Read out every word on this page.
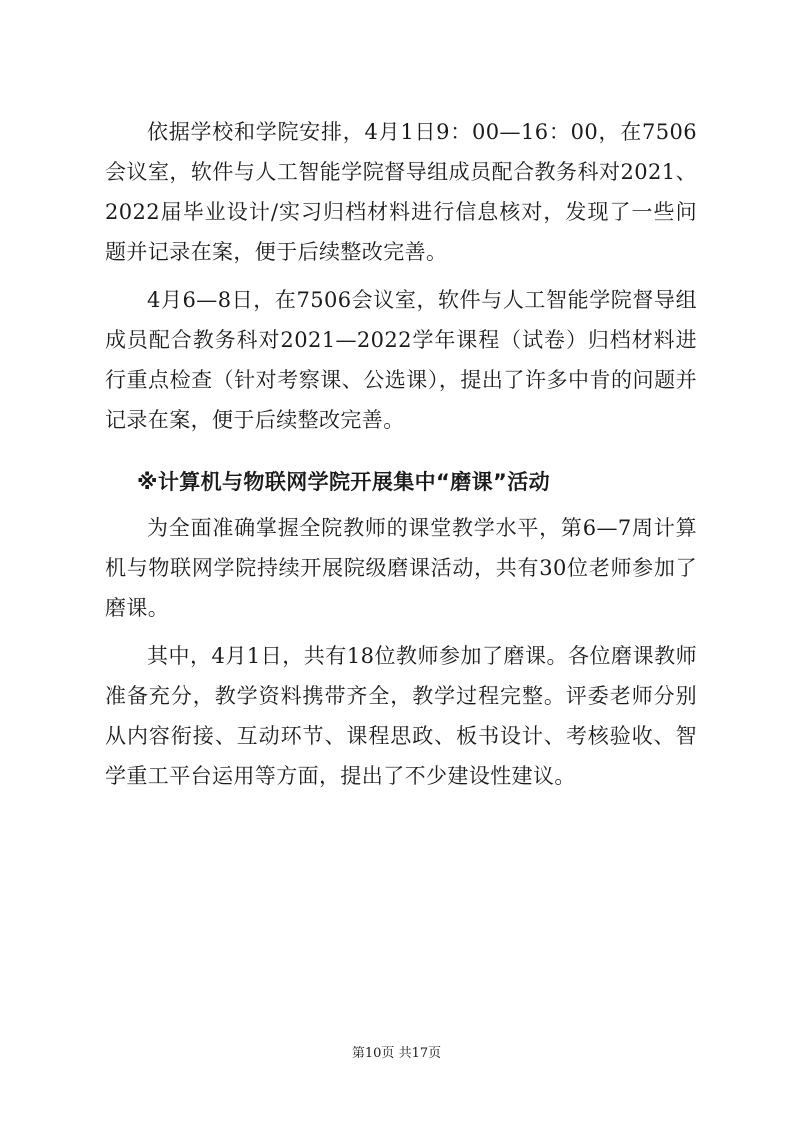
依据学校和学院安排，4月1日9：00—16：00，在7506会议室，软件与人工智能学院督导组成员配合教务科对2021、2022届毕业设计/实习归档材料进行信息核对，发现了一些问题并记录在案，便于后续整改完善。

4月6—8日，在7506会议室，软件与人工智能学院督导组成员配合教务科对2021—2022学年课程（试卷）归档材料进行重点检查（针对考察课、公选课），提出了许多中肯的问题并记录在案，便于后续整改完善。

※计算机与物联网学院开展集中“磨课”活动

为全面准确掌握全院教师的课堂教学水平，第6—7周计算机与物联网学院持续开展院级磨课活动，共有30位老师参加了磨课。

其中，4月1日，共有18位教师参加了磨课。各位磨课教师准备充分，教学资料携带齐全，教学过程完整。评委老师分别从内容衔接、互动环节、课程思政、板书设计、考核验收、智学重工平台运用等方面，提出了不少建设性建议。

第10页 共17页
